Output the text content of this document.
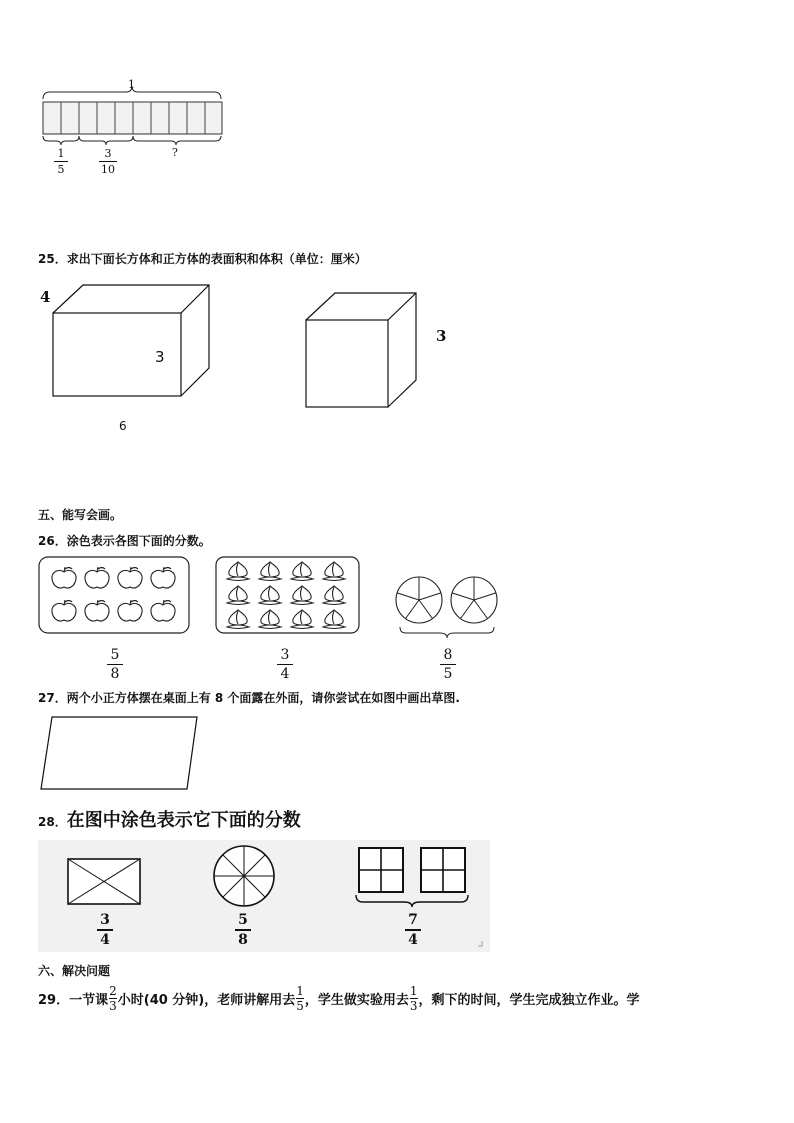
1
1
5
3
10
?
25．求出下面长方体和正方体的表面积和体积（单位：厘米）
4
3
6
3
五、能写会画。
26．涂色表示各图下面的分数。
5
8
3
4
8
5
27．两个小正方体摆在桌面上有 8 个面露在外面，请你尝试在如图中画出草图.
28．在图中涂色表示它下面的分数
3
4
5
8
7
4
六、解决问题
29． 一节课
2
3 小时(40 分钟)，老师讲解用去
1
5 ，学生做实验用去
1
3 ，剩下的时间，学生完成独立作业。学
